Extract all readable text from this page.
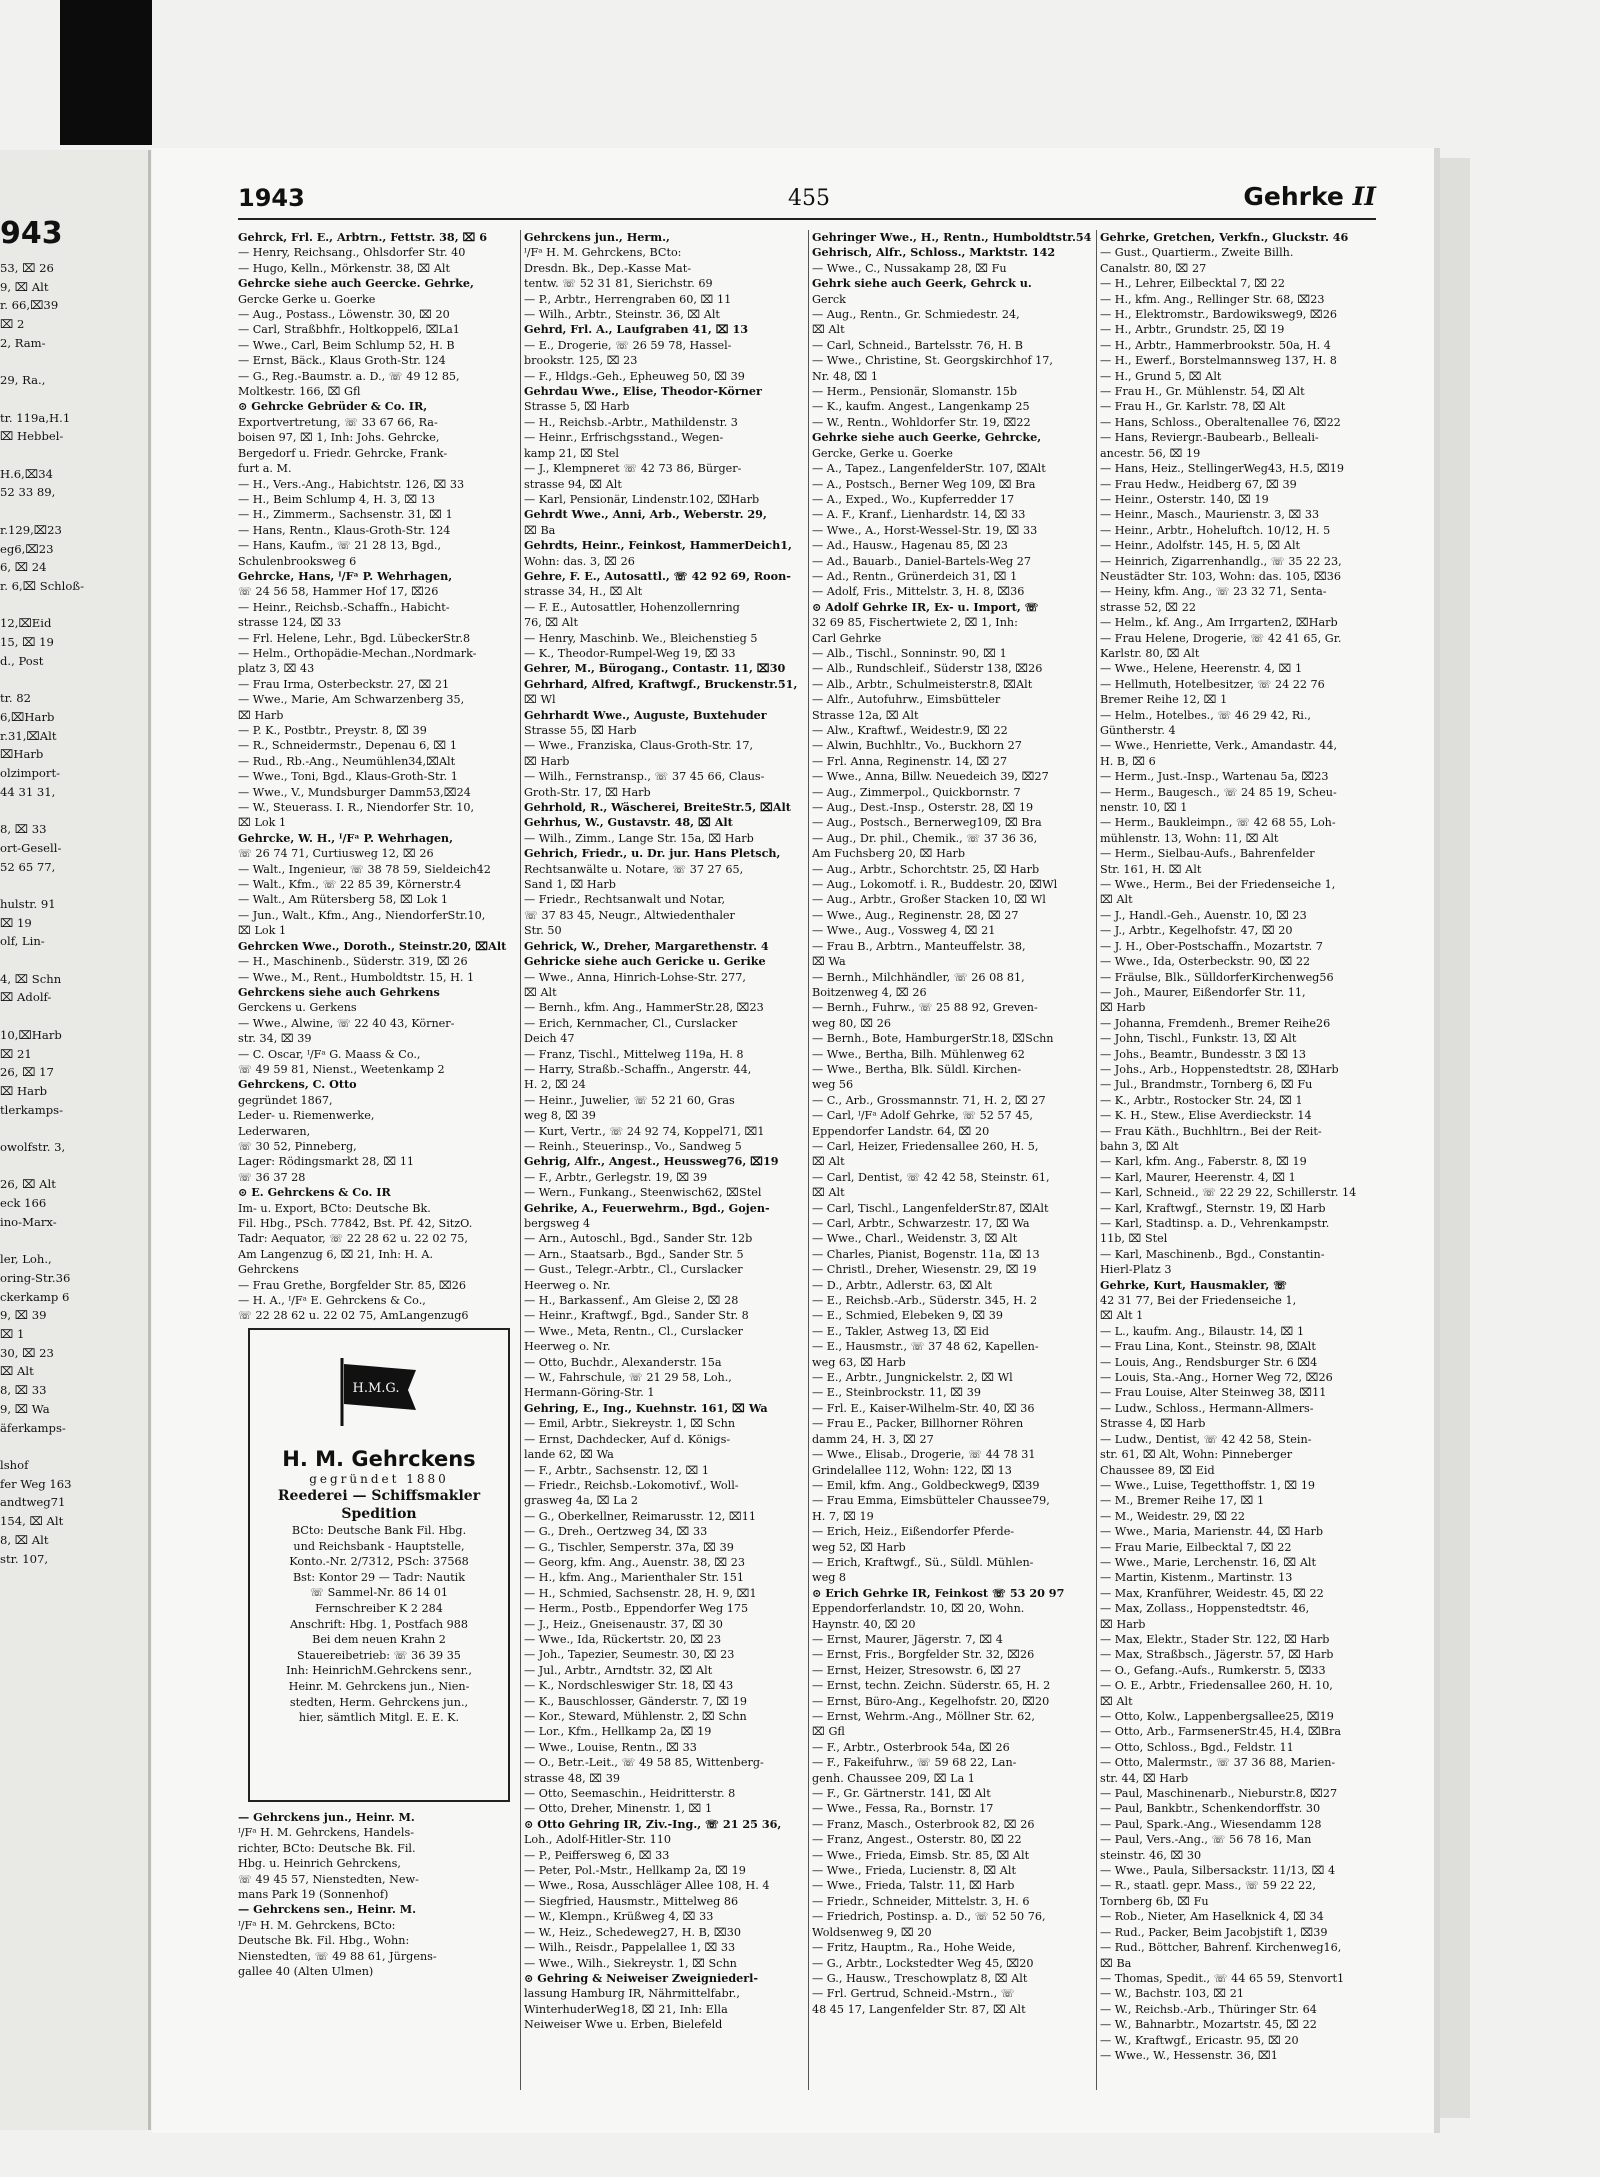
943
53, ⌧ 26
9, ⌧ Alt
r. 66,⌧39
⌧ 2
2, Ram-

29, Ra.,

tr. 119a,H.1
⌧ Hebbel-

H.6,⌧34
52 33 89,

r.129,⌧23
eg6,⌧23
6, ⌧ 24
r. 6,⌧ Schloß-

12,⌧Eid
15, ⌧ 19
d., Post

tr. 82
6,⌧Harb
r.31,⌧Alt
⌧Harb
olzimport-
44 31 31,

8, ⌧ 33
ort-Gesell-
52 65 77,

hulstr. 91
⌧ 19
olf, Lin-

4, ⌧ Schn
⌧ Adolf-

10,⌧Harb
⌧ 21
26, ⌧ 17
⌧ Harb
tlerkamps-

owolfstr. 3,

26, ⌧ Alt
eck 166
ino-Marx-

ler, Loh.,
oring-Str.36
ckerkamp 6
9, ⌧ 39
⌧ 1
30, ⌧ 23
⌧ Alt
8, ⌧ 33
9, ⌧ Wa
äferkamps-

lshof
fer Weg 163
andtweg71
154, ⌧ Alt
8, ⌧ Alt
str. 107,
1943	455	Gehrke II
Gehrck, Frl. E., Arbtrn., Fettstr. 38, ⌧ 6
— Henry, Reichsang., Ohlsdorfer Str. 40
— Hugo, Kelln., Mörkenstr. 38, ⌧ Alt
Gehrcke siehe auch Geercke. Gehrke,
Gercke Gerke u. Goerke
— Aug., Postass., Löwenstr. 30, ⌧ 20
— Carl, Straßbhfr., Holtkoppel6, ⌧La1
— Wwe., Carl, Beim Schlump 52, H. B
— Ernst, Bäck., Klaus Groth-Str. 124
— G., Reg.-Baumstr. a. D., ☏ 49 12 85,
Moltkestr. 166, ⌧ Gfl
⊙ Gehrcke Gebrüder & Co. IR,
Exportvertretung, ☏ 33 67 66, Ra-
boisen 97, ⌧ 1, Inh: Johs. Gehrcke,
Bergedorf u. Friedr. Gehrcke, Frank-
furt a. M.
— H., Vers.-Ang., Habichtstr. 126, ⌧ 33
— H., Beim Schlump 4, H. 3, ⌧ 13
— H., Zimmerm., Sachsenstr. 31, ⌧ 1
— Hans, Rentn., Klaus-Groth-Str. 124
— Hans, Kaufm., ☏ 21 28 13, Bgd.,
Schulenbrooksweg 6
Gehrcke, Hans, ᴵ/Fᵃ P. Wehrhagen,
☏ 24 56 58, Hammer Hof 17, ⌧26
— Heinr., Reichsb.-Schaffn., Habicht-
strasse 124, ⌧ 33
— Frl. Helene, Lehr., Bgd. LübeckerStr.8
— Helm., Orthopädie-Mechan.,Nordmark-
platz 3, ⌧ 43
— Frau Irma, Osterbeckstr. 27, ⌧ 21
— Wwe., Marie, Am Schwarzenberg 35,
⌧ Harb
— P. K., Postbtr., Preystr. 8, ⌧ 39
— R., Schneidermstr., Depenau 6, ⌧ 1
— Rud., Rb.-Ang., Neumühlen34,⌧Alt
— Wwe., Toni, Bgd., Klaus-Groth-Str. 1
— Wwe., V., Mundsburger Damm53,⌧24
— W., Steuerass. I. R., Niendorfer Str. 10,
⌧ Lok 1
Gehrcke, W. H., ᴵ/Fᵃ P. Wehrhagen,
☏ 26 74 71, Curtiusweg 12, ⌧ 26
— Walt., Ingenieur, ☏ 38 78 59, Sieldeich42
— Walt., Kfm., ☏ 22 85 39, Körnerstr.4
— Walt., Am Rütersberg 58, ⌧ Lok 1
— Jun., Walt., Kfm., Ang., NiendorferStr.10,
⌧ Lok 1
Gehrcken Wwe., Doroth., Steinstr.20, ⌧Alt
— H., Maschinenb., Süderstr. 319, ⌧ 26
— Wwe., M., Rent., Humboldtstr. 15, H. 1
Gehrckens siehe auch Gehrkens
Gerckens u. Gerkens
— Wwe., Alwine, ☏ 22 40 43, Körner-
str. 34, ⌧ 39
— C. Oscar, ᴵ/Fᵃ G. Maass & Co.,
☏ 49 59 81, Nienst., Weetenkamp 2
Gehrckens, C. Otto
gegründet 1867,
Leder- u. Riemenwerke,
Lederwaren,
☏ 30 52, Pinneberg,
Lager: Rödingsmarkt 28, ⌧ 11
☏ 36 37 28
⊙ E. Gehrckens & Co. IR
Im- u. Export, BCto: Deutsche Bk.
Fil. Hbg., PSch. 77842, Bst. Pf. 42, SitzO.
Tadr: Aequator, ☏ 22 28 62 u. 22 02 75,
Am Langenzug 6, ⌧ 21, Inh: H. A.
Gehrckens
— Frau Grethe, Borgfelder Str. 85, ⌧26
— H. A., ᴵ/Fᵃ E. Gehrckens & Co.,
☏ 22 28 62 u. 22 02 75, AmLangenzug6
Gehrckens jun., Herm.,
ᴵ/Fᵃ H. M. Gehrckens, BCto:
Dresdn. Bk., Dep.-Kasse Mat-
tentw. ☏ 52 31 81, Sierichstr. 69
— P., Arbtr., Herrengraben 60, ⌧ 11
— Wilh., Arbtr., Steinstr. 36, ⌧ Alt
Gehrd, Frl. A., Laufgraben 41, ⌧ 13
— E., Drogerie, ☏ 26 59 78, Hassel-
brookstr. 125, ⌧ 23
— F., Hldgs.-Geh., Epheuweg 50, ⌧ 39
Gehrdau Wwe., Elise, Theodor-Körner
Strasse 5, ⌧ Harb
— H., Reichsb.-Arbtr., Mathildenstr. 3
— Heinr., Erfrischgsstand., Wegen-
kamp 21, ⌧ Stel
— J., Klempneret ☏ 42 73 86, Bürger-
strasse 94, ⌧ Alt
— Karl, Pensionär, Lindenstr.102, ⌧Harb
Gehrdt Wwe., Anni, Arb., Weberstr. 29,
⌧ Ba
Gehrdts, Heinr., Feinkost, HammerDeich1,
Wohn: das. 3, ⌧ 26
Gehre, F. E., Autosattl., ☏ 42 92 69, Roon-
strasse 34, H., ⌧ Alt
— F. E., Autosattler, Hohenzollernring
76, ⌧ Alt
— Henry, Maschinb. We., Bleichenstieg 5
— K., Theodor-Rumpel-Weg 19, ⌧ 33
Gehrer, M., Bürogang., Contastr. 11, ⌧30
Gehrhard, Alfred, Kraftwgf., Bruckenstr.51,
⌧ Wl
Gehrhardt Wwe., Auguste, Buxtehuder
Strasse 55, ⌧ Harb
— Wwe., Franziska, Claus-Groth-Str. 17,
⌧ Harb
— Wilh., Fernstransp., ☏ 37 45 66, Claus-
Groth-Str. 17, ⌧ Harb
Gehrhold, R., Wäscherei, BreiteStr.5, ⌧Alt
Gehrhus, W., Gustavstr. 48, ⌧ Alt
— Wilh., Zimm., Lange Str. 15a, ⌧ Harb
Gehrich, Friedr., u. Dr. jur. Hans Pletsch,
Rechtsanwälte u. Notare, ☏ 37 27 65,
Sand 1, ⌧ Harb
— Friedr., Rechtsanwalt und Notar,
☏ 37 83 45, Neugr., Altwiedenthaler
Str. 50
Gehrick, W., Dreher, Margarethenstr. 4
Gehricke siehe auch Gericke u. Gerike
— Wwe., Anna, Hinrich-Lohse-Str. 277,
⌧ Alt
— Bernh., kfm. Ang., HammerStr.28, ⌧23
— Erich, Kernmacher, Cl., Curslacker
Deich 47
— Franz, Tischl., Mittelweg 119a, H. 8
— Harry, Straßb.-Schaffn., Angerstr. 44,
H. 2, ⌧ 24
— Heinr., Juwelier, ☏ 52 21 60, Gras
weg 8, ⌧ 39
— Kurt, Vertr., ☏ 24 92 74, Koppel71, ⌧1
— Reinh., Steuerinsp., Vo., Sandweg 5
Gehrig, Alfr., Angest., Heussweg76, ⌧19
— F., Arbtr., Gerlegstr. 19, ⌧ 39
— Wern., Funkang., Steenwisch62, ⌧Stel
Gehrike, A., Feuerwehrm., Bgd., Gojen-
bergsweg 4
— Arn., Autoschl., Bgd., Sander Str. 12b
— Arn., Staatsarb., Bgd., Sander Str. 5
— Gust., Telegr.-Arbtr., Cl., Curslacker
Heerweg o. Nr.
— H., Barkassenf., Am Gleise 2, ⌧ 28
— Heinr., Kraftwgf., Bgd., Sander Str. 8
— Wwe., Meta, Rentn., Cl., Curslacker
Heerweg o. Nr.
— Otto, Buchdr., Alexanderstr. 15a
— W., Fahrschule, ☏ 21 29 58, Loh.,
Hermann-Göring-Str. 1
Gehring, E., Ing., Kuehnstr. 161, ⌧ Wa
— Emil, Arbtr., Siekreystr. 1, ⌧ Schn
— Ernst, Dachdecker, Auf d. Königs-
lande 62, ⌧ Wa
— F., Arbtr., Sachsenstr. 12, ⌧ 1
— Friedr., Reichsb.-Lokomotivf., Woll-
grasweg 4a, ⌧ La 2
— G., Oberkellner, Reimarusstr. 12, ⌧11
— G., Dreh., Oertzweg 34, ⌧ 33
— G., Tischler, Semperstr. 37a, ⌧ 39
— Georg, kfm. Ang., Auenstr. 38, ⌧ 23
— H., kfm. Ang., Marienthaler Str. 151
— H., Schmied, Sachsenstr. 28, H. 9, ⌧1
— Herm., Postb., Eppendorfer Weg 175
— J., Heiz., Gneisenaustr. 37, ⌧ 30
— Wwe., Ida, Rückertstr. 20, ⌧ 23
— Joh., Tapezier, Seumestr. 30, ⌧ 23
— Jul., Arbtr., Arndtstr. 32, ⌧ Alt
— K., Nordschleswiger Str. 18, ⌧ 43
— K., Bauschlosser, Gänderstr. 7, ⌧ 19
— Kor., Steward, Mühlenstr. 2, ⌧ Schn
— Lor., Kfm., Hellkamp 2a, ⌧ 19
— Wwe., Louise, Rentn., ⌧ 33
— O., Betr.-Leit., ☏ 49 58 85, Wittenberg-
strasse 48, ⌧ 39
— Otto, Seemaschin., Heidritterstr. 8
— Otto, Dreher, Minenstr. 1, ⌧ 1
⊙ Otto Gehring IR, Ziv.-Ing., ☏ 21 25 36,
Loh., Adolf-Hitler-Str. 110
— P., Peiffersweg 6, ⌧ 33
— Peter, Pol.-Mstr., Hellkamp 2a, ⌧ 19
— Wwe., Rosa, Ausschläger Allee 108, H. 4
— Siegfried, Hausmstr., Mittelweg 86
— W., Klempn., Krüßweg 4, ⌧ 33
— W., Heiz., Schedeweg27, H. B, ⌧30
— Wilh., Reisdr., Pappelallee 1, ⌧ 33
— Wwe., Wilh., Siekreystr. 1, ⌧ Schn
⊙ Gehring & Neiweiser Zweigniederl-
lassung Hamburg IR, Nährmittelfabr.,
WinterhuderWeg18, ⌧ 21, Inh: Ella
Neiweiser Wwe u. Erben, Bielefeld
Gehringer Wwe., H., Rentn., Humboldtstr.54
Gehrisch, Alfr., Schloss., Marktstr. 142
— Wwe., C., Nussakamp 28, ⌧ Fu
Gehrk siehe auch Geerk, Gehrck u.
Gerck
— Aug., Rentn., Gr. Schmiedestr. 24,
⌧ Alt
— Carl, Schneid., Bartelsstr. 76, H. B
— Wwe., Christine, St. Georgskirchhof 17,
Nr. 48, ⌧ 1
— Herm., Pensionär, Slomanstr. 15b
— K., kaufm. Angest., Langenkamp 25
— W., Rentn., Wohldorfer Str. 19, ⌧22
Gehrke siehe auch Geerke, Gehrcke,
Gercke, Gerke u. Goerke
— A., Tapez., LangenfelderStr. 107, ⌧Alt
— A., Postsch., Berner Weg 109, ⌧ Bra
— A., Exped., Wo., Kupferredder 17
— A. F., Kranf., Lienhardstr. 14, ⌧ 33
— Wwe., A., Horst-Wessel-Str. 19, ⌧ 33
— Ad., Hausw., Hagenau 85, ⌧ 23
— Ad., Bauarb., Daniel-Bartels-Weg 27
— Ad., Rentn., Grünerdeich 31, ⌧ 1
— Adolf, Fris., Mittelstr. 3, H. 8, ⌧36
⊙ Adolf Gehrke IR, Ex- u. Import, ☏
32 69 85, Fischertwiete 2, ⌧ 1, Inh:
Carl Gehrke
— Alb., Tischl., Sonninstr. 90, ⌧ 1
— Alb., Rundschleif., Süderstr 138, ⌧26
— Alb., Arbtr., Schulmeisterstr.8, ⌧Alt
— Alfr., Autofuhrw., Eimsbütteler
Strasse 12a, ⌧ Alt
— Alw., Kraftwf., Weidestr.9, ⌧ 22
— Alwin, Buchhltr., Vo., Buckhorn 27
— Frl. Anna, Reginenstr. 14, ⌧ 27
— Wwe., Anna, Billw. Neuedeich 39, ⌧27
— Aug., Zimmerpol., Quickbornstr. 7
— Aug., Dest.-Insp., Osterstr. 28, ⌧ 19
— Aug., Postsch., Bernerweg109, ⌧ Bra
— Aug., Dr. phil., Chemik., ☏ 37 36 36,
Am Fuchsberg 20, ⌧ Harb
— Aug., Arbtr., Schorchtstr. 25, ⌧ Harb
— Aug., Lokomotf. i. R., Buddestr. 20, ⌧Wl
— Aug., Arbtr., Großer Stacken 10, ⌧ Wl
— Wwe., Aug., Reginenstr. 28, ⌧ 27
— Wwe., Aug., Vossweg 4, ⌧ 21
— Frau B., Arbtrn., Manteuffelstr. 38,
⌧ Wa
— Bernh., Milchhändler, ☏ 26 08 81,
Boitzenweg 4, ⌧ 26
— Bernh., Fuhrw., ☏ 25 88 92, Greven-
weg 80, ⌧ 26
— Bernh., Bote, HamburgerStr.18, ⌧Schn
— Wwe., Bertha, Bilh. Mühlenweg 62
— Wwe., Bertha, Blk. Süldl. Kirchen-
weg 56
— C., Arb., Grossmannstr. 71, H. 2, ⌧ 27
— Carl, ᴵ/Fᵃ Adolf Gehrke, ☏ 52 57 45,
Eppendorfer Landstr. 64, ⌧ 20
— Carl, Heizer, Friedensallee 260, H. 5,
⌧ Alt
— Carl, Dentist, ☏ 42 42 58, Steinstr. 61,
⌧ Alt
— Carl, Tischl., LangenfelderStr.87, ⌧Alt
— Carl, Arbtr., Schwarzestr. 17, ⌧ Wa
— Wwe., Charl., Weidenstr. 3, ⌧ Alt
— Charles, Pianist, Bogenstr. 11a, ⌧ 13
— Christl., Dreher, Wiesenstr. 29, ⌧ 19
— D., Arbtr., Adlerstr. 63, ⌧ Alt
— E., Reichsb.-Arb., Süderstr. 345, H. 2
— E., Schmied, Elebeken 9, ⌧ 39
— E., Takler, Astweg 13, ⌧ Eid
— E., Hausmstr., ☏ 37 48 62, Kapellen-
weg 63, ⌧ Harb
— E., Arbtr., Jungnickelstr. 2, ⌧ Wl
— E., Steinbrockstr. 11, ⌧ 39
— Frl. E., Kaiser-Wilhelm-Str. 40, ⌧ 36
— Frau E., Packer, Billhorner Röhren
damm 24, H. 3, ⌧ 27
— Wwe., Elisab., Drogerie, ☏ 44 78 31
Grindelallee 112, Wohn: 122, ⌧ 13
— Emil, kfm. Ang., Goldbeckweg9, ⌧39
— Frau Emma, Eimsbütteler Chaussee79,
H. 7, ⌧ 19
— Erich, Heiz., Eißendorfer Pferde-
weg 52, ⌧ Harb
— Erich, Kraftwgf., Sü., Süldl. Mühlen-
weg 8
⊙ Erich Gehrke IR, Feinkost ☏ 53 20 97
Eppendorferlandstr. 10, ⌧ 20, Wohn.
Haynstr. 40, ⌧ 20
— Ernst, Maurer, Jägerstr. 7, ⌧ 4
— Ernst, Fris., Borgfelder Str. 32, ⌧26
— Ernst, Heizer, Stresowstr. 6, ⌧ 27
— Ernst, techn. Zeichn. Süderstr. 65, H. 2
— Ernst, Büro-Ang., Kegelhofstr. 20, ⌧20
— Ernst, Wehrm.-Ang., Möllner Str. 62,
⌧ Gfl
— F., Arbtr., Osterbrook 54a, ⌧ 26
— F., Fakeifuhrw., ☏ 59 68 22, Lan-
genh. Chaussee 209, ⌧ La 1
— F., Gr. Gärtnerstr. 141, ⌧ Alt
— Wwe., Fessa, Ra., Bornstr. 17
— Franz, Masch., Osterbrook 82, ⌧ 26
— Franz, Angest., Osterstr. 80, ⌧ 22
— Wwe., Frieda, Eimsb. Str. 85, ⌧ Alt
— Wwe., Frieda, Lucienstr. 8, ⌧ Alt
— Wwe., Frieda, Talstr. 11, ⌧ Harb
— Friedr., Schneider, Mittelstr. 3, H. 6
— Friedrich, Postinsp. a. D., ☏ 52 50 76,
Woldsenweg 9, ⌧ 20
— Fritz, Hauptm., Ra., Hohe Weide,
— G., Arbtr., Lockstedter Weg 45, ⌧20
— G., Hausw., Treschowplatz 8, ⌧ Alt
— Frl. Gertrud, Schneid.-Mstrn., ☏
48 45 17, Langenfelder Str. 87, ⌧ Alt
Gehrke, Gretchen, Verkfn., Gluckstr. 46
— Gust., Quartierm., Zweite Billh.
Canalstr. 80, ⌧ 27
— H., Lehrer, Eilbecktal 7, ⌧ 22
— H., kfm. Ang., Rellinger Str. 68, ⌧23
— H., Elektromstr., Bardowiksweg9, ⌧26
— H., Arbtr., Grundstr. 25, ⌧ 19
— H., Arbtr., Hammerbrookstr. 50a, H. 4
— H., Ewerf., Borstelmannsweg 137, H. 8
— H., Grund 5, ⌧ Alt
— Frau H., Gr. Mühlenstr. 54, ⌧ Alt
— Frau H., Gr. Karlstr. 78, ⌧ Alt
— Hans, Schloss., Oberaltenallee 76, ⌧22
— Hans, Reviergr.-Baubearb., Belleali-
ancestr. 56, ⌧ 19
— Hans, Heiz., StellingerWeg43, H.5, ⌧19
— Frau Hedw., Heidberg 67, ⌧ 39
— Heinr., Osterstr. 140, ⌧ 19
— Heinr., Masch., Maurienstr. 3, ⌧ 33
— Heinr., Arbtr., Hoheluftch. 10/12, H. 5
— Heinr., Adolfstr. 145, H. 5, ⌧ Alt
— Heinrich, Zigarrenhandlg., ☏ 35 22 23,
Neustädter Str. 103, Wohn: das. 105, ⌧36
— Heiny, kfm. Ang., ☏ 23 32 71, Senta-
strasse 52, ⌧ 22
— Helm., kf. Ang., Am Irrgarten2, ⌧Harb
— Frau Helene, Drogerie, ☏ 42 41 65, Gr.
Karlstr. 80, ⌧ Alt
— Wwe., Helene, Heerenstr. 4, ⌧ 1
— Hellmuth, Hotelbesitzer, ☏ 24 22 76
Bremer Reihe 12, ⌧ 1
— Helm., Hotelbes., ☏ 46 29 42, Ri.,
Güntherstr. 4
— Wwe., Henriette, Verk., Amandastr. 44,
H. B, ⌧ 6
— Herm., Just.-Insp., Wartenau 5a, ⌧23
— Herm., Baugesch., ☏ 24 85 19, Scheu-
nenstr. 10, ⌧ 1
— Herm., Baukleimpn., ☏ 42 68 55, Loh-
mühlenstr. 13, Wohn: 11, ⌧ Alt
— Herm., Sielbau-Aufs., Bahrenfelder
Str. 161, H. ⌧ Alt
— Wwe., Herm., Bei der Friedenseiche 1,
⌧ Alt
— J., Handl.-Geh., Auenstr. 10, ⌧ 23
— J., Arbtr., Kegelhofstr. 47, ⌧ 20
— J. H., Ober-Postschaffn., Mozartstr. 7
— Wwe., Ida, Osterbeckstr. 90, ⌧ 22
— Fräulse, Blk., SülldorferKirchenweg56
— Joh., Maurer, Eißendorfer Str. 11,
⌧ Harb
— Johanna, Fremdenh., Bremer Reihe26
— John, Tischl., Funkstr. 13, ⌧ Alt
— Johs., Beamtr., Bundesstr. 3 ⌧ 13
— Johs., Arb., Hoppenstedtstr. 28, ⌧Harb
— Jul., Brandmstr., Tornberg 6, ⌧ Fu
— K., Arbtr., Rostocker Str. 24, ⌧ 1
— K. H., Stew., Elise Averdieckstr. 14
— Frau Käth., Buchhltrn., Bei der Reit-
bahn 3, ⌧ Alt
— Karl, kfm. Ang., Faberstr. 8, ⌧ 19
— Karl, Maurer, Heerenstr. 4, ⌧ 1
— Karl, Schneid., ☏ 22 29 22, Schillerstr. 14
— Karl, Kraftwgf., Sternstr. 19, ⌧ Harb
— Karl, Stadtinsp. a. D., Vehrenkampstr.
11b, ⌧ Stel
— Karl, Maschinenb., Bgd., Constantin-
Hierl-Platz 3
Gehrke, Kurt, Hausmakler, ☏
42 31 77, Bei der Friedenseiche 1,
⌧ Alt 1
— L., kaufm. Ang., Bilaustr. 14, ⌧ 1
— Frau Lina, Kont., Steinstr. 98, ⌧Alt
— Louis, Ang., Rendsburger Str. 6 ⌧4
— Louis, Sta.-Ang., Horner Weg 72, ⌧26
— Frau Louise, Alter Steinweg 38, ⌧11
— Ludw., Schloss., Hermann-Allmers-
Strasse 4, ⌧ Harb
— Ludw., Dentist, ☏ 42 42 58, Stein-
str. 61, ⌧ Alt, Wohn: Pinneberger
Chaussee 89, ⌧ Eid
— Wwe., Luise, Tegetthoffstr. 1, ⌧ 19
— M., Bremer Reihe 17, ⌧ 1
— M., Weidestr. 29, ⌧ 22
— Wwe., Maria, Marienstr. 44, ⌧ Harb
— Frau Marie, Eilbecktal 7, ⌧ 22
— Wwe., Marie, Lerchenstr. 16, ⌧ Alt
— Martin, Kistenm., Martinstr. 13
— Max, Kranführer, Weidestr. 45, ⌧ 22
— Max, Zollass., Hoppenstedtstr. 46,
⌧ Harb
— Max, Elektr., Stader Str. 122, ⌧ Harb
— Max, Straßbsch., Jägerstr. 57, ⌧ Harb
— O., Gefang.-Aufs., Rumkerstr. 5, ⌧33
— O. E., Arbtr., Friedensallee 260, H. 10,
⌧ Alt
— Otto, Kolw., Lappenbergsallee25, ⌧19
— Otto, Arb., FarmsenerStr.45, H.4, ⌧Bra
— Otto, Schloss., Bgd., Feldstr. 11
— Otto, Malermstr., ☏ 37 36 88, Marien-
str. 44, ⌧ Harb
— Paul, Maschinenarb., Nieburstr.8, ⌧27
— Paul, Bankbtr., Schenkendorffstr. 30
— Paul, Spark.-Ang., Wiesendamm 128
— Paul, Vers.-Ang., ☏ 56 78 16, Man
steinstr. 46, ⌧ 30
— Wwe., Paula, Silbersackstr. 11/13, ⌧ 4
— R., staatl. gepr. Mass., ☏ 59 22 22,
Tornberg 6b, ⌧ Fu
— Rob., Nieter, Am Haselknick 4, ⌧ 34
— Rud., Packer, Beim Jacobjstift 1, ⌧39
— Rud., Böttcher, Bahrenf. Kirchenweg16,
⌧ Ba
— Thomas, Spedit., ☏ 44 65 59, Stenvort1
— W., Bachstr. 103, ⌧ 21
— W., Reichsb.-Arb., Thüringer Str. 64
— W., Bahnarbtr., Mozartstr. 45, ⌧ 22
— W., Kraftwgf., Ericastr. 95, ⌧ 20
— Wwe., W., Hessenstr. 36, ⌧1
H.M.G.
H. M. Gehrckens
gegründet 1880
Reederei — Schiffsmakler
Spedition
BCto: Deutsche Bank Fil. Hbg.
und Reichsbank - Hauptstelle,
Konto.-Nr. 2/7312, PSch: 37568
Bst: Kontor 29 — Tadr: Nautik
☏ Sammel-Nr. 86 14 01
Fernschreiber K 2 284
Anschrift: Hbg. 1, Postfach 988
Bei dem neuen Krahn 2
Stauereibetrieb: ☏ 36 39 35
Inh: HeinrichM.Gehrckens senr.,
Heinr. M. Gehrckens jun., Nien-
stedten, Herm. Gehrckens jun.,
hier, sämtlich Mitgl. E. E. K.
— Gehrckens jun., Heinr. M.
ᴵ/Fᵃ H. M. Gehrckens, Handels-
richter, BCto: Deutsche Bk. Fil.
Hbg. u. Heinrich Gehrckens,
☏ 49 45 57, Nienstedten, New-
mans Park 19 (Sonnenhof)
— Gehrckens sen., Heinr. M.
ᴵ/Fᵃ H. M. Gehrckens, BCto:
Deutsche Bk. Fil. Hbg., Wohn:
Nienstedten, ☏ 49 88 61, Jürgens-
gallee 40 (Alten Ulmen)
